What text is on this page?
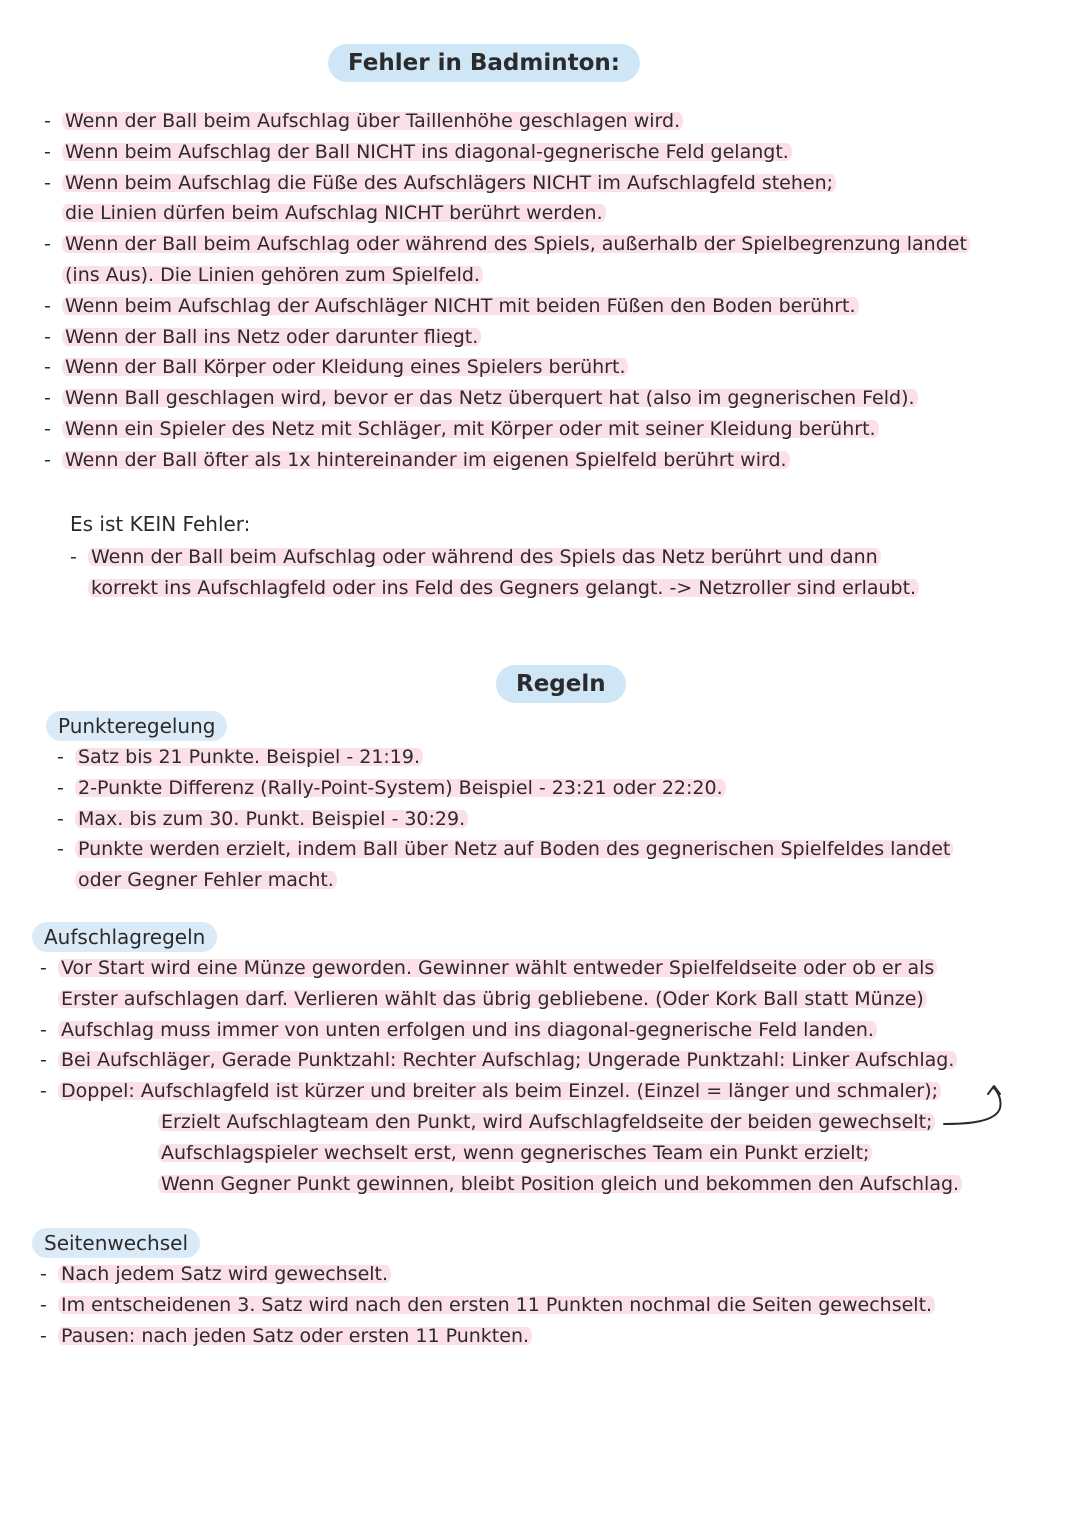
Fehler in Badminton:
- Wenn der Ball beim Aufschlag über Taillenhöhe geschlagen wird.
- Wenn beim Aufschlag der Ball NICHT ins diagonal-gegnerische Feld gelangt.
- Wenn beim Aufschlag die Füße des Aufschlägers NICHT im Aufschlagfeld stehen;
die Linien dürfen beim Aufschlag NICHT berührt werden.
- Wenn der Ball beim Aufschlag oder während des Spiels, außerhalb der Spielbegrenzung landet
(ins Aus). Die Linien gehören zum Spielfeld.
- Wenn beim Aufschlag der Aufschläger NICHT mit beiden Füßen den Boden berührt.
- Wenn der Ball ins Netz oder darunter fliegt.
- Wenn der Ball Körper oder Kleidung eines Spielers berührt.
- Wenn Ball geschlagen wird, bevor er das Netz überquert hat (also im gegnerischen Feld).
- Wenn ein Spieler des Netz mit Schläger, mit Körper oder mit seiner Kleidung berührt.
- Wenn der Ball öfter als 1x hintereinander im eigenen Spielfeld berührt wird.
Es ist KEIN Fehler:
- Wenn der Ball beim Aufschlag oder während des Spiels das Netz berührt und dann
korrekt ins Aufschlagfeld oder ins Feld des Gegners gelangt. -> Netzroller sind erlaubt.
Regeln
Punkteregelung
- Satz bis 21 Punkte. Beispiel - 21:19.
- 2-Punkte Differenz (Rally-Point-System) Beispiel - 23:21 oder 22:20.
- Max. bis zum 30. Punkt. Beispiel - 30:29.
- Punkte werden erzielt, indem Ball über Netz auf Boden des gegnerischen Spielfeldes landet
oder Gegner Fehler macht.
Aufschlagregeln
- Vor Start wird eine Münze geworden. Gewinner wählt entweder Spielfeldseite oder ob er als
Erster aufschlagen darf. Verlieren wählt das übrig gebliebene. (Oder Kork Ball statt Münze)
- Aufschlag muss immer von unten erfolgen und ins diagonal-gegnerische Feld landen.
- Bei Aufschläger, Gerade Punktzahl: Rechter Aufschlag; Ungerade Punktzahl: Linker Aufschlag.
- Doppel: Aufschlagfeld ist kürzer und breiter als beim Einzel. (Einzel = länger und schmaler);
Erzielt Aufschlagteam den Punkt, wird Aufschlagfeldseite der beiden gewechselt;
Aufschlagspieler wechselt erst, wenn gegnerisches Team ein Punkt erzielt;
Wenn Gegner Punkt gewinnen, bleibt Position gleich und bekommen den Aufschlag.
Seitenwechsel
- Nach jedem Satz wird gewechselt.
- Im entscheidenen 3. Satz wird nach den ersten 11 Punkten nochmal die Seiten gewechselt.
- Pausen: nach jeden Satz oder ersten 11 Punkten.
